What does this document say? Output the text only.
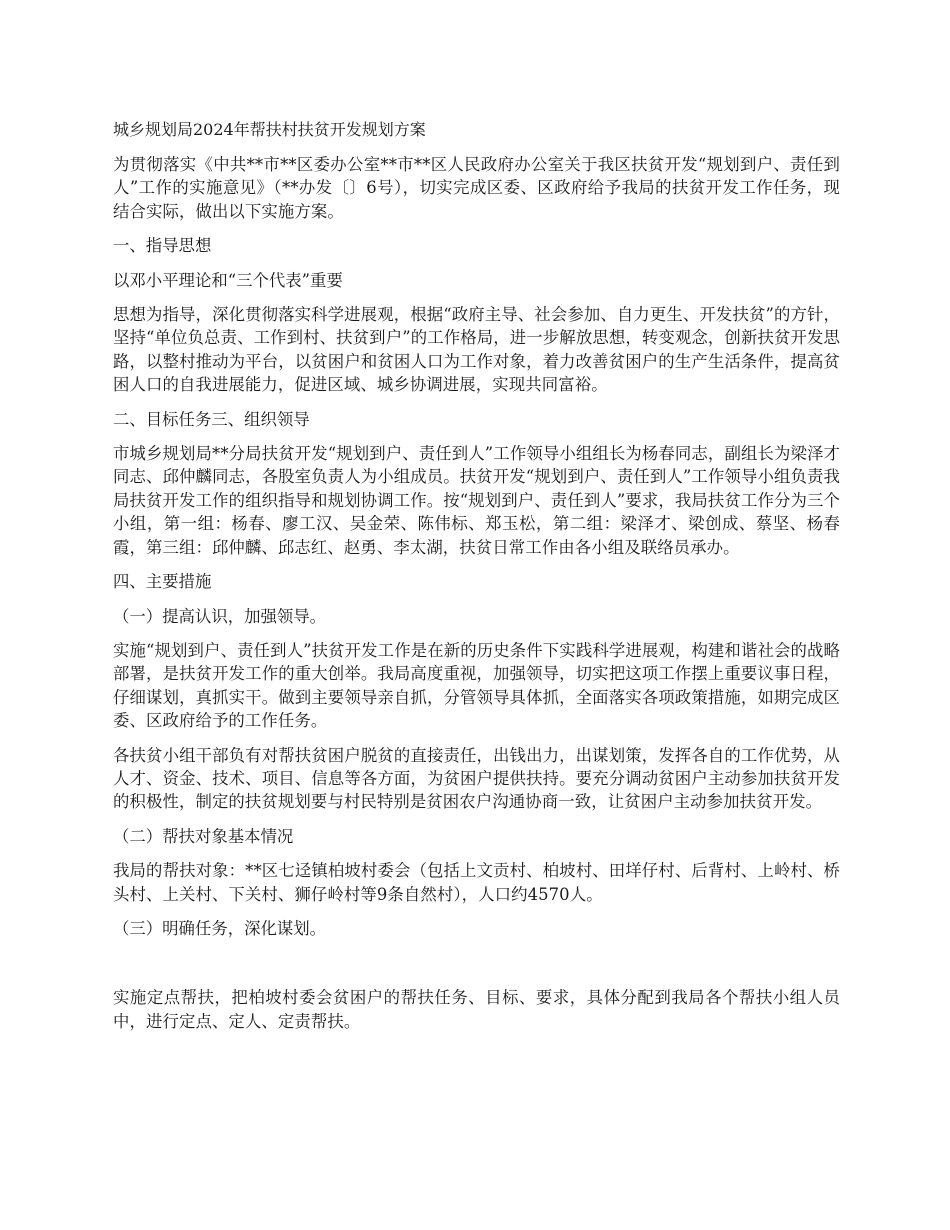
城乡规划局2024年帮扶村扶贫开发规划方案
为贯彻落实《中共**市**区委办公室**市**区人民政府办公室关于我区扶贫开发“规划到户、责任到人”工作的实施意见》（**办发〔〕6号），切实完成区委、区政府给予我局的扶贫开发工作任务，现结合实际，做出以下实施方案。
一、指导思想
以邓小平理论和“三个代表”重要
思想为指导，深化贯彻落实科学进展观，根据“政府主导、社会参加、自力更生、开发扶贫”的方针，坚持“单位负总责、工作到村、扶贫到户”的工作格局，进一步解放思想，转变观念，创新扶贫开发思路，以整村推动为平台，以贫困户和贫困人口为工作对象，着力改善贫困户的生产生活条件，提高贫困人口的自我进展能力，促进区域、城乡协调进展，实现共同富裕。
二、目标任务三、组织领导
市城乡规划局**分局扶贫开发“规划到户、责任到人”工作领导小组组长为杨春同志，副组长为梁泽才同志、邱仲麟同志，各股室负责人为小组成员。扶贫开发“规划到户、责任到人”工作领导小组负责我局扶贫开发工作的组织指导和规划协调工作。按“规划到户、责任到人”要求，我局扶贫工作分为三个小组，第一组：杨春、廖工汉、吴金荣、陈伟标、郑玉松，第二组：梁泽才、梁创成、蔡坚、杨春霞，第三组：邱仲麟、邱志红、赵勇、李太湖，扶贫日常工作由各小组及联络员承办。
四、主要措施
（一）提高认识，加强领导。
实施“规划到户、责任到人”扶贫开发工作是在新的历史条件下实践科学进展观，构建和谐社会的战略部署，是扶贫开发工作的重大创举。我局高度重视，加强领导，切实把这项工作摆上重要议事日程，仔细谋划，真抓实干。做到主要领导亲自抓，分管领导具体抓，全面落实各项政策措施，如期完成区委、区政府给予的工作任务。
各扶贫小组干部负有对帮扶贫困户脱贫的直接责任，出钱出力，出谋划策，发挥各自的工作优势，从人才、资金、技术、项目、信息等各方面，为贫困户提供扶持。要充分调动贫困户主动参加扶贫开发的积极性，制定的扶贫规划要与村民特别是贫困农户沟通协商一致，让贫困户主动参加扶贫开发。
（二）帮扶对象基本情况
我局的帮扶对象：**区七迳镇柏坡村委会（包括上文贡村、柏坡村、田垟仔村、后背村、上岭村、桥头村、上关村、下关村、狮仔岭村等9条自然村），人口约4570人。
（三）明确任务，深化谋划。
实施定点帮扶，把柏坡村委会贫困户的帮扶任务、目标、要求，具体分配到我局各个帮扶小组人员中，进行定点、定人、定责帮扶。
